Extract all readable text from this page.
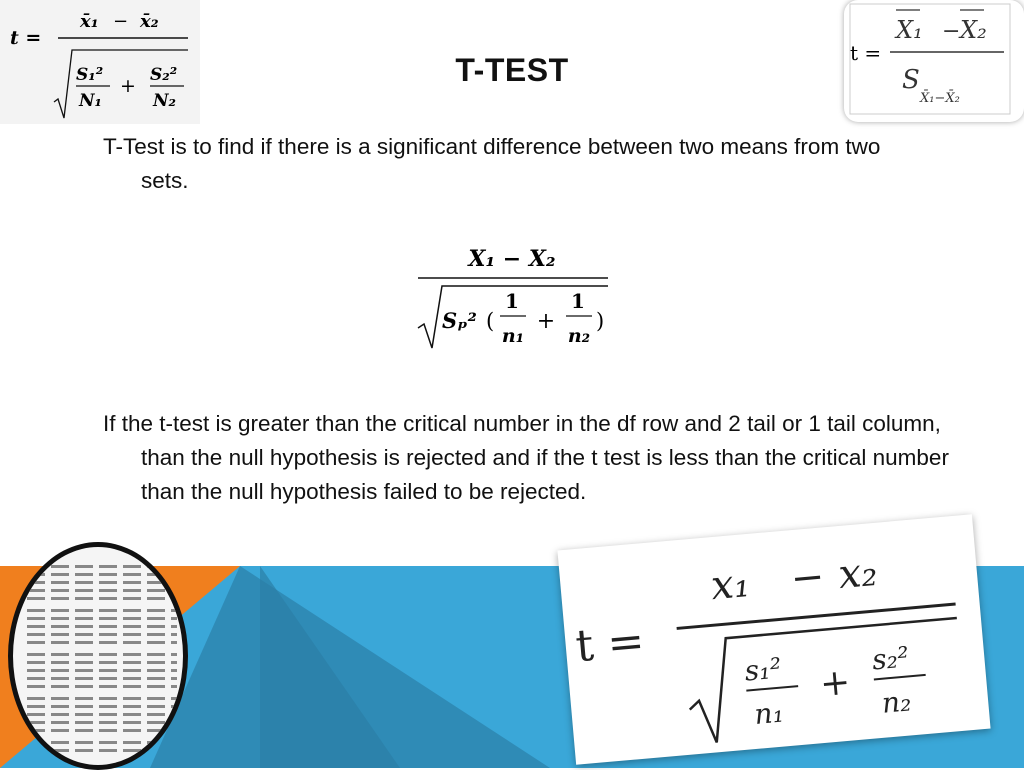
T-TEST
T-Test is to find if there is a significant difference between two means from two sets.
X₁ − X₂
Sₚ² (
1
n₁
+
1
n₂
)
If the t-test is greater than the critical number in the df row and 2 tail or 1 tail column, than the null hypothesis is rejected and if the t test is less than the critical number than the null hypothesis failed to be rejected.
t =
x̄₁ − x̄₂
S₁²
N₁
+ S₂²
N₂
t =
X₁ − X₂
S
X̄₁−X̄₂
t =
x₁ − x₂
s₁²
n₁
+
s₂²
n₂
